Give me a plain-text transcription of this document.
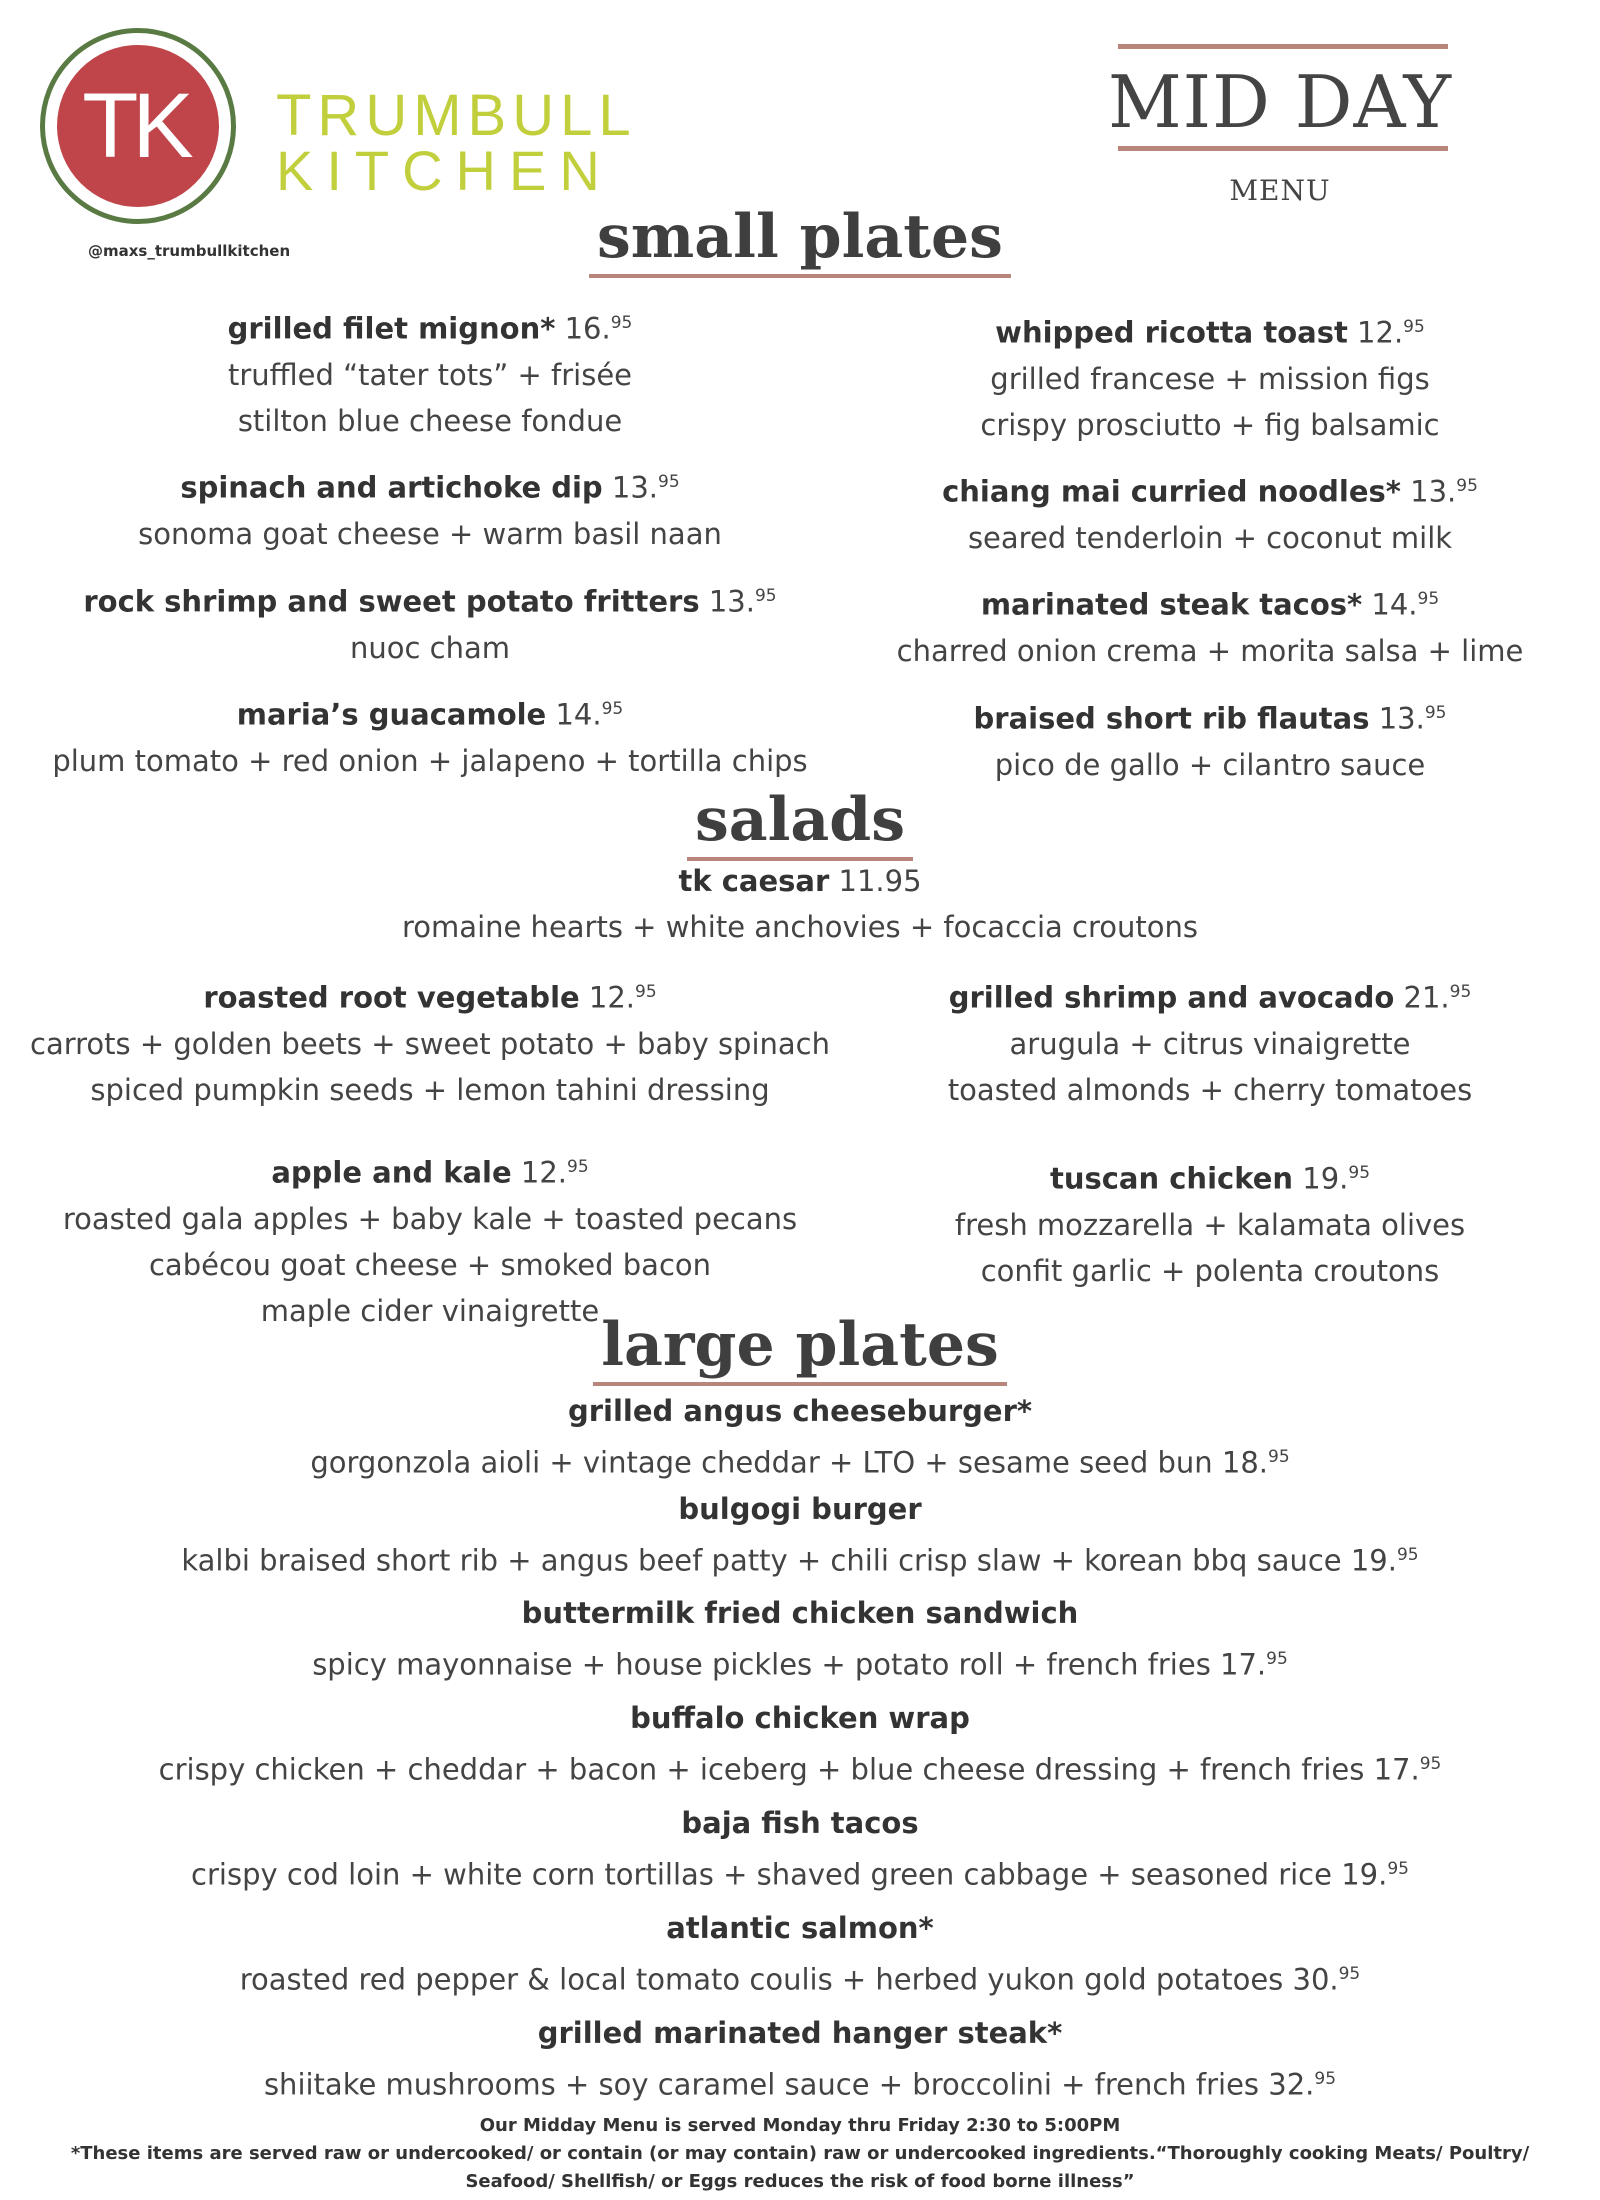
TK TRUMBULL
KITCHEN
@maxs_trumbullkitchen
MID DAY
MENU
small plates
salads
large plates
grilled filet mignon* 16.95
truffled “tater tots” + frisée
stilton blue cheese fondue
spinach and artichoke dip 13.95
sonoma goat cheese + warm basil naan
rock shrimp and sweet potato fritters 13.95
nuoc cham
maria’s guacamole 14.95
plum tomato + red onion + jalapeno + tortilla chips
whipped ricotta toast 12.95
grilled francese + mission figs
crispy prosciutto + fig balsamic
chiang mai curried noodles* 13.95
seared tenderloin + coconut milk
marinated steak tacos* 14.95
charred onion crema + morita salsa + lime
braised short rib flautas 13.95
pico de gallo + cilantro sauce
tk caesar 11.95
romaine hearts + white anchovies + focaccia croutons
roasted root vegetable 12.95
carrots + golden beets + sweet potato + baby spinach
spiced pumpkin seeds + lemon tahini dressing
apple and kale 12.95
roasted gala apples + baby kale + toasted pecans
cabécou goat cheese + smoked bacon
maple cider vinaigrette
grilled shrimp and avocado 21.95
arugula + citrus vinaigrette
toasted almonds + cherry tomatoes
tuscan chicken 19.95
fresh mozzarella + kalamata olives
confit garlic + polenta croutons
grilled angus cheeseburger*
gorgonzola aioli + vintage cheddar + LTO + sesame seed bun 18.95
bulgogi burger
kalbi braised short rib + angus beef patty + chili crisp slaw + korean bbq sauce 19.95
buttermilk fried chicken sandwich
spicy mayonnaise + house pickles + potato roll + french fries 17.95
buffalo chicken wrap
crispy chicken + cheddar + bacon + iceberg + blue cheese dressing + french fries 17.95
baja fish tacos
crispy cod loin + white corn tortillas + shaved green cabbage + seasoned rice 19.95
atlantic salmon*
roasted red pepper & local tomato coulis + herbed yukon gold potatoes 30.95
grilled marinated hanger steak*
shiitake mushrooms + soy caramel sauce + broccolini + french fries 32.95
Our Midday Menu is served Monday thru Friday 2:30 to 5:00PM
*These items are served raw or undercooked/ or contain (or may contain) raw or undercooked ingredients.“Thoroughly cooking Meats/ Poultry/
Seafood/ Shellfish/ or Eggs reduces the risk of food borne illness”
